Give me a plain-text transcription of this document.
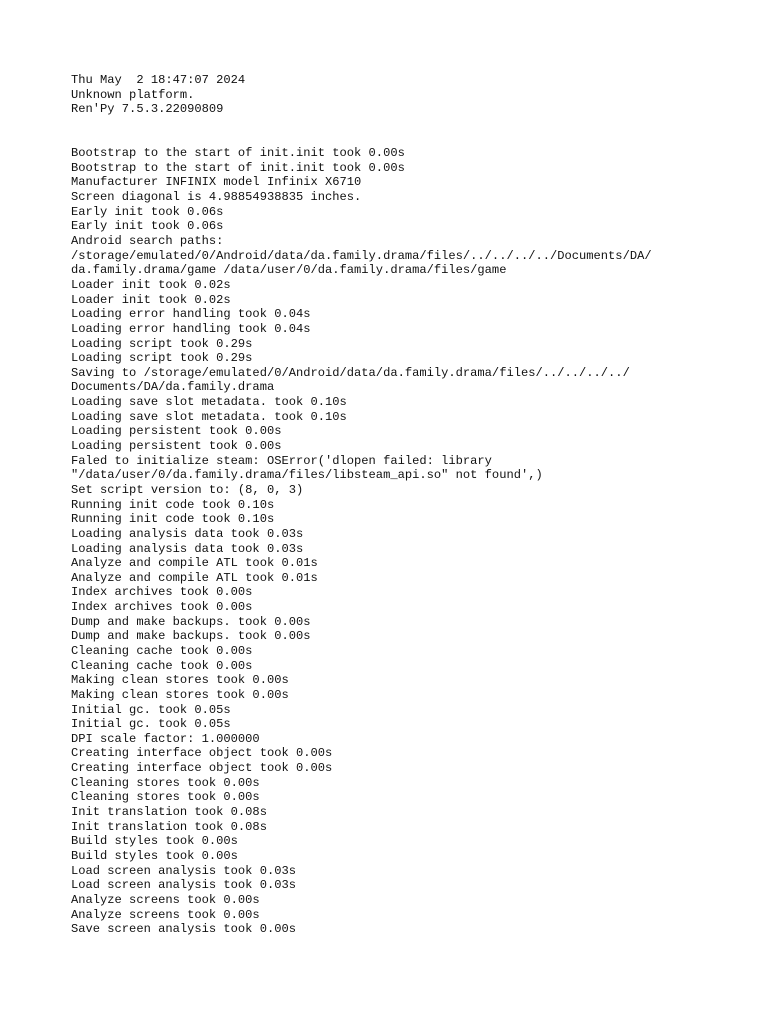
Thu May  2 18:47:07 2024
Unknown platform.
Ren'Py 7.5.3.22090809
Bootstrap to the start of init.init took 0.00s
Bootstrap to the start of init.init took 0.00s
Manufacturer INFINIX model Infinix X6710
Screen diagonal is 4.98854938835 inches.
Early init took 0.06s
Early init took 0.06s
Android search paths:
/storage/emulated/0/Android/data/da.family.drama/files/../../../../Documents/DA/
da.family.drama/game /data/user/0/da.family.drama/files/game
Loader init took 0.02s
Loader init took 0.02s
Loading error handling took 0.04s
Loading error handling took 0.04s
Loading script took 0.29s
Loading script took 0.29s
Saving to /storage/emulated/0/Android/data/da.family.drama/files/../../../../
Documents/DA/da.family.drama
Loading save slot metadata. took 0.10s
Loading save slot metadata. took 0.10s
Loading persistent took 0.00s
Loading persistent took 0.00s
Faled to initialize steam: OSError('dlopen failed: library
"/data/user/0/da.family.drama/files/libsteam_api.so" not found',)
Set script version to: (8, 0, 3)
Running init code took 0.10s
Running init code took 0.10s
Loading analysis data took 0.03s
Loading analysis data took 0.03s
Analyze and compile ATL took 0.01s
Analyze and compile ATL took 0.01s
Index archives took 0.00s
Index archives took 0.00s
Dump and make backups. took 0.00s
Dump and make backups. took 0.00s
Cleaning cache took 0.00s
Cleaning cache took 0.00s
Making clean stores took 0.00s
Making clean stores took 0.00s
Initial gc. took 0.05s
Initial gc. took 0.05s
DPI scale factor: 1.000000
Creating interface object took 0.00s
Creating interface object took 0.00s
Cleaning stores took 0.00s
Cleaning stores took 0.00s
Init translation took 0.08s
Init translation took 0.08s
Build styles took 0.00s
Build styles took 0.00s
Load screen analysis took 0.03s
Load screen analysis took 0.03s
Analyze screens took 0.00s
Analyze screens took 0.00s
Save screen analysis took 0.00s
